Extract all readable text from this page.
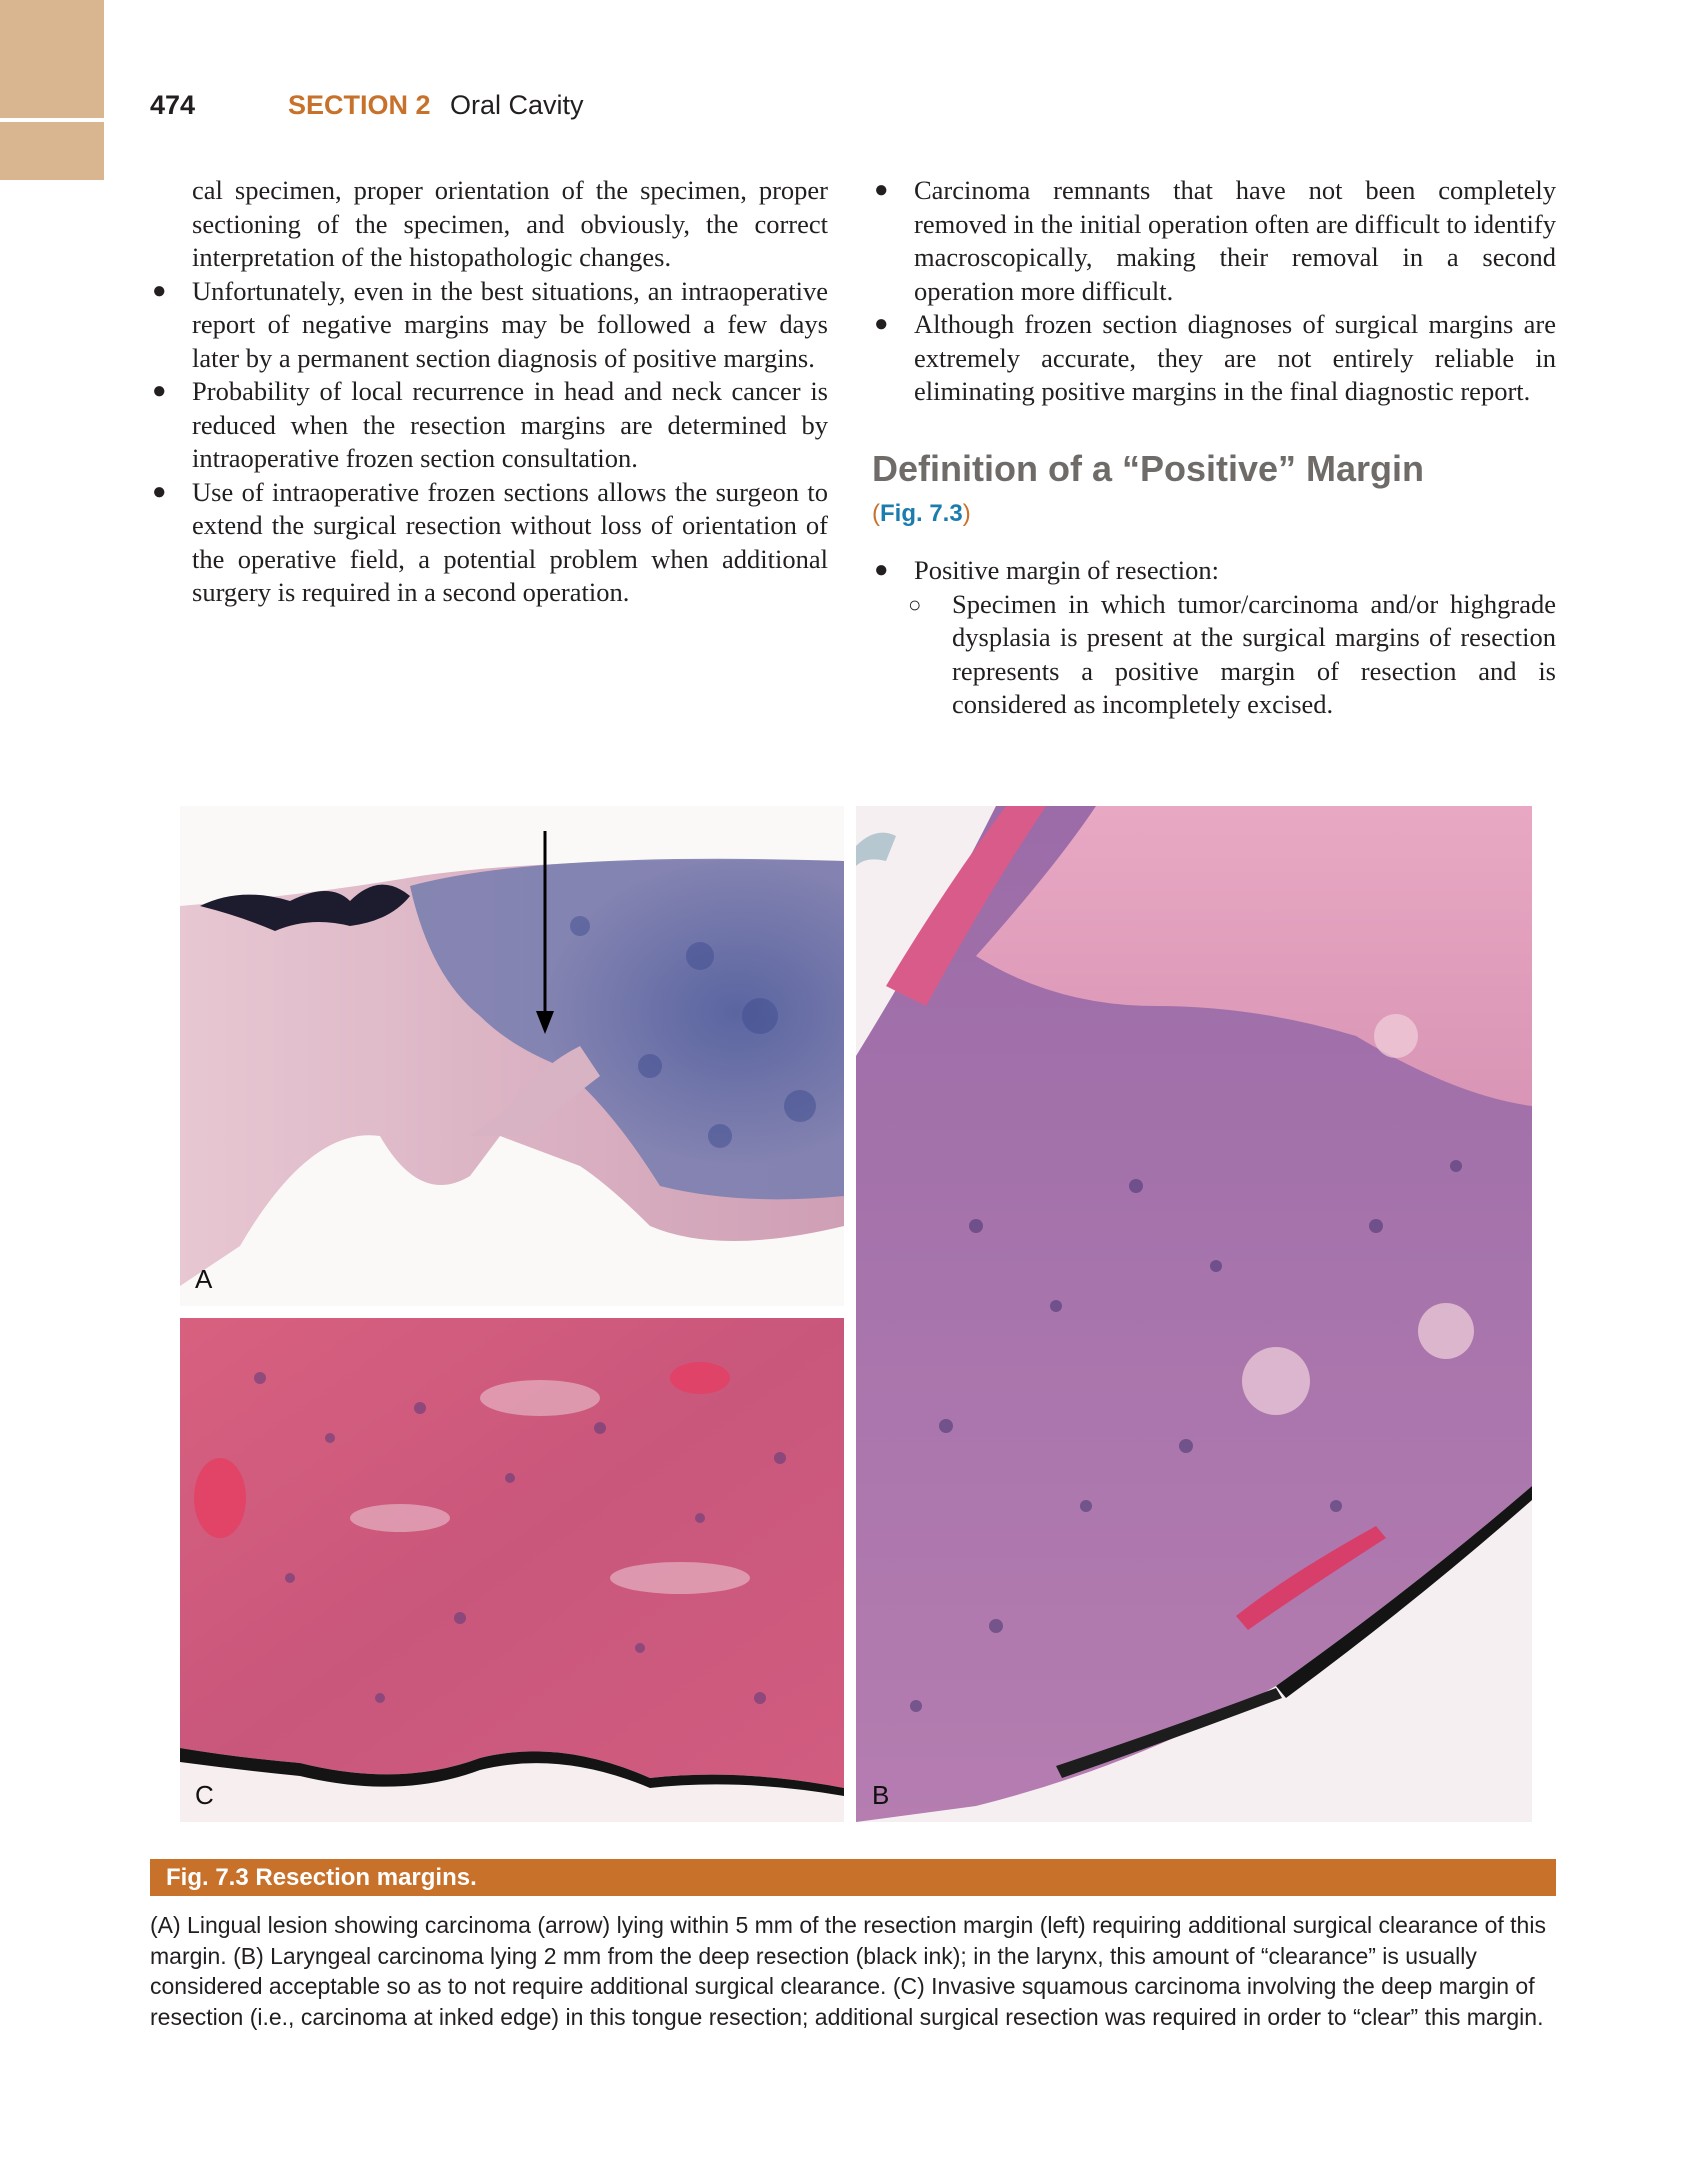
474	SECTION 2 Oral Cavity

cal specimen, proper orientation of the specimen, proper sectioning of the specimen, and obviously, the correct interpretation of the histopathologic changes.

● Unfortunately, even in the best situations, an intraoperative report of negative margins may be followed a few days later by a permanent section diagnosis of positive margins.
● Probability of local recurrence in head and neck cancer is reduced when the resection margins are determined by intraoperative frozen section consultation.
● Use of intraoperative frozen sections allows the surgeon to extend the surgical resection without loss of orientation of the operative field, a potential problem when additional surgery is required in a second operation.
● Carcinoma remnants that have not been completely removed in the initial operation often are difficult to identify macroscopically, making their removal in a second operation more difficult.
● Although frozen section diagnoses of surgical margins are extremely accurate, they are not entirely reliable in eliminating positive margins in the final diagnostic report.
Definition of a “Positive” Margin
(Fig. 7.3)
● Positive margin of resection:
○ Specimen in which tumor/carcinoma and/or highgrade dysplasia is present at the surgical margins of resection represents a positive margin of resection and is considered as incompletely excised.
A
C	B
Fig. 7.3 Resection margins.
(A) Lingual lesion showing carcinoma (arrow) lying within 5 mm of the resection margin (left) requiring additional surgical clearance of this margin. (B) Laryngeal carcinoma lying 2 mm from the deep resection (black ink); in the larynx, this amount of “clearance” is usually considered acceptable so as to not require additional surgical clearance. (C) Invasive squamous carcinoma involving the deep margin of resection (i.e., carcinoma at inked edge) in this tongue resection; additional surgical resection was required in order to “clear” this margin.
